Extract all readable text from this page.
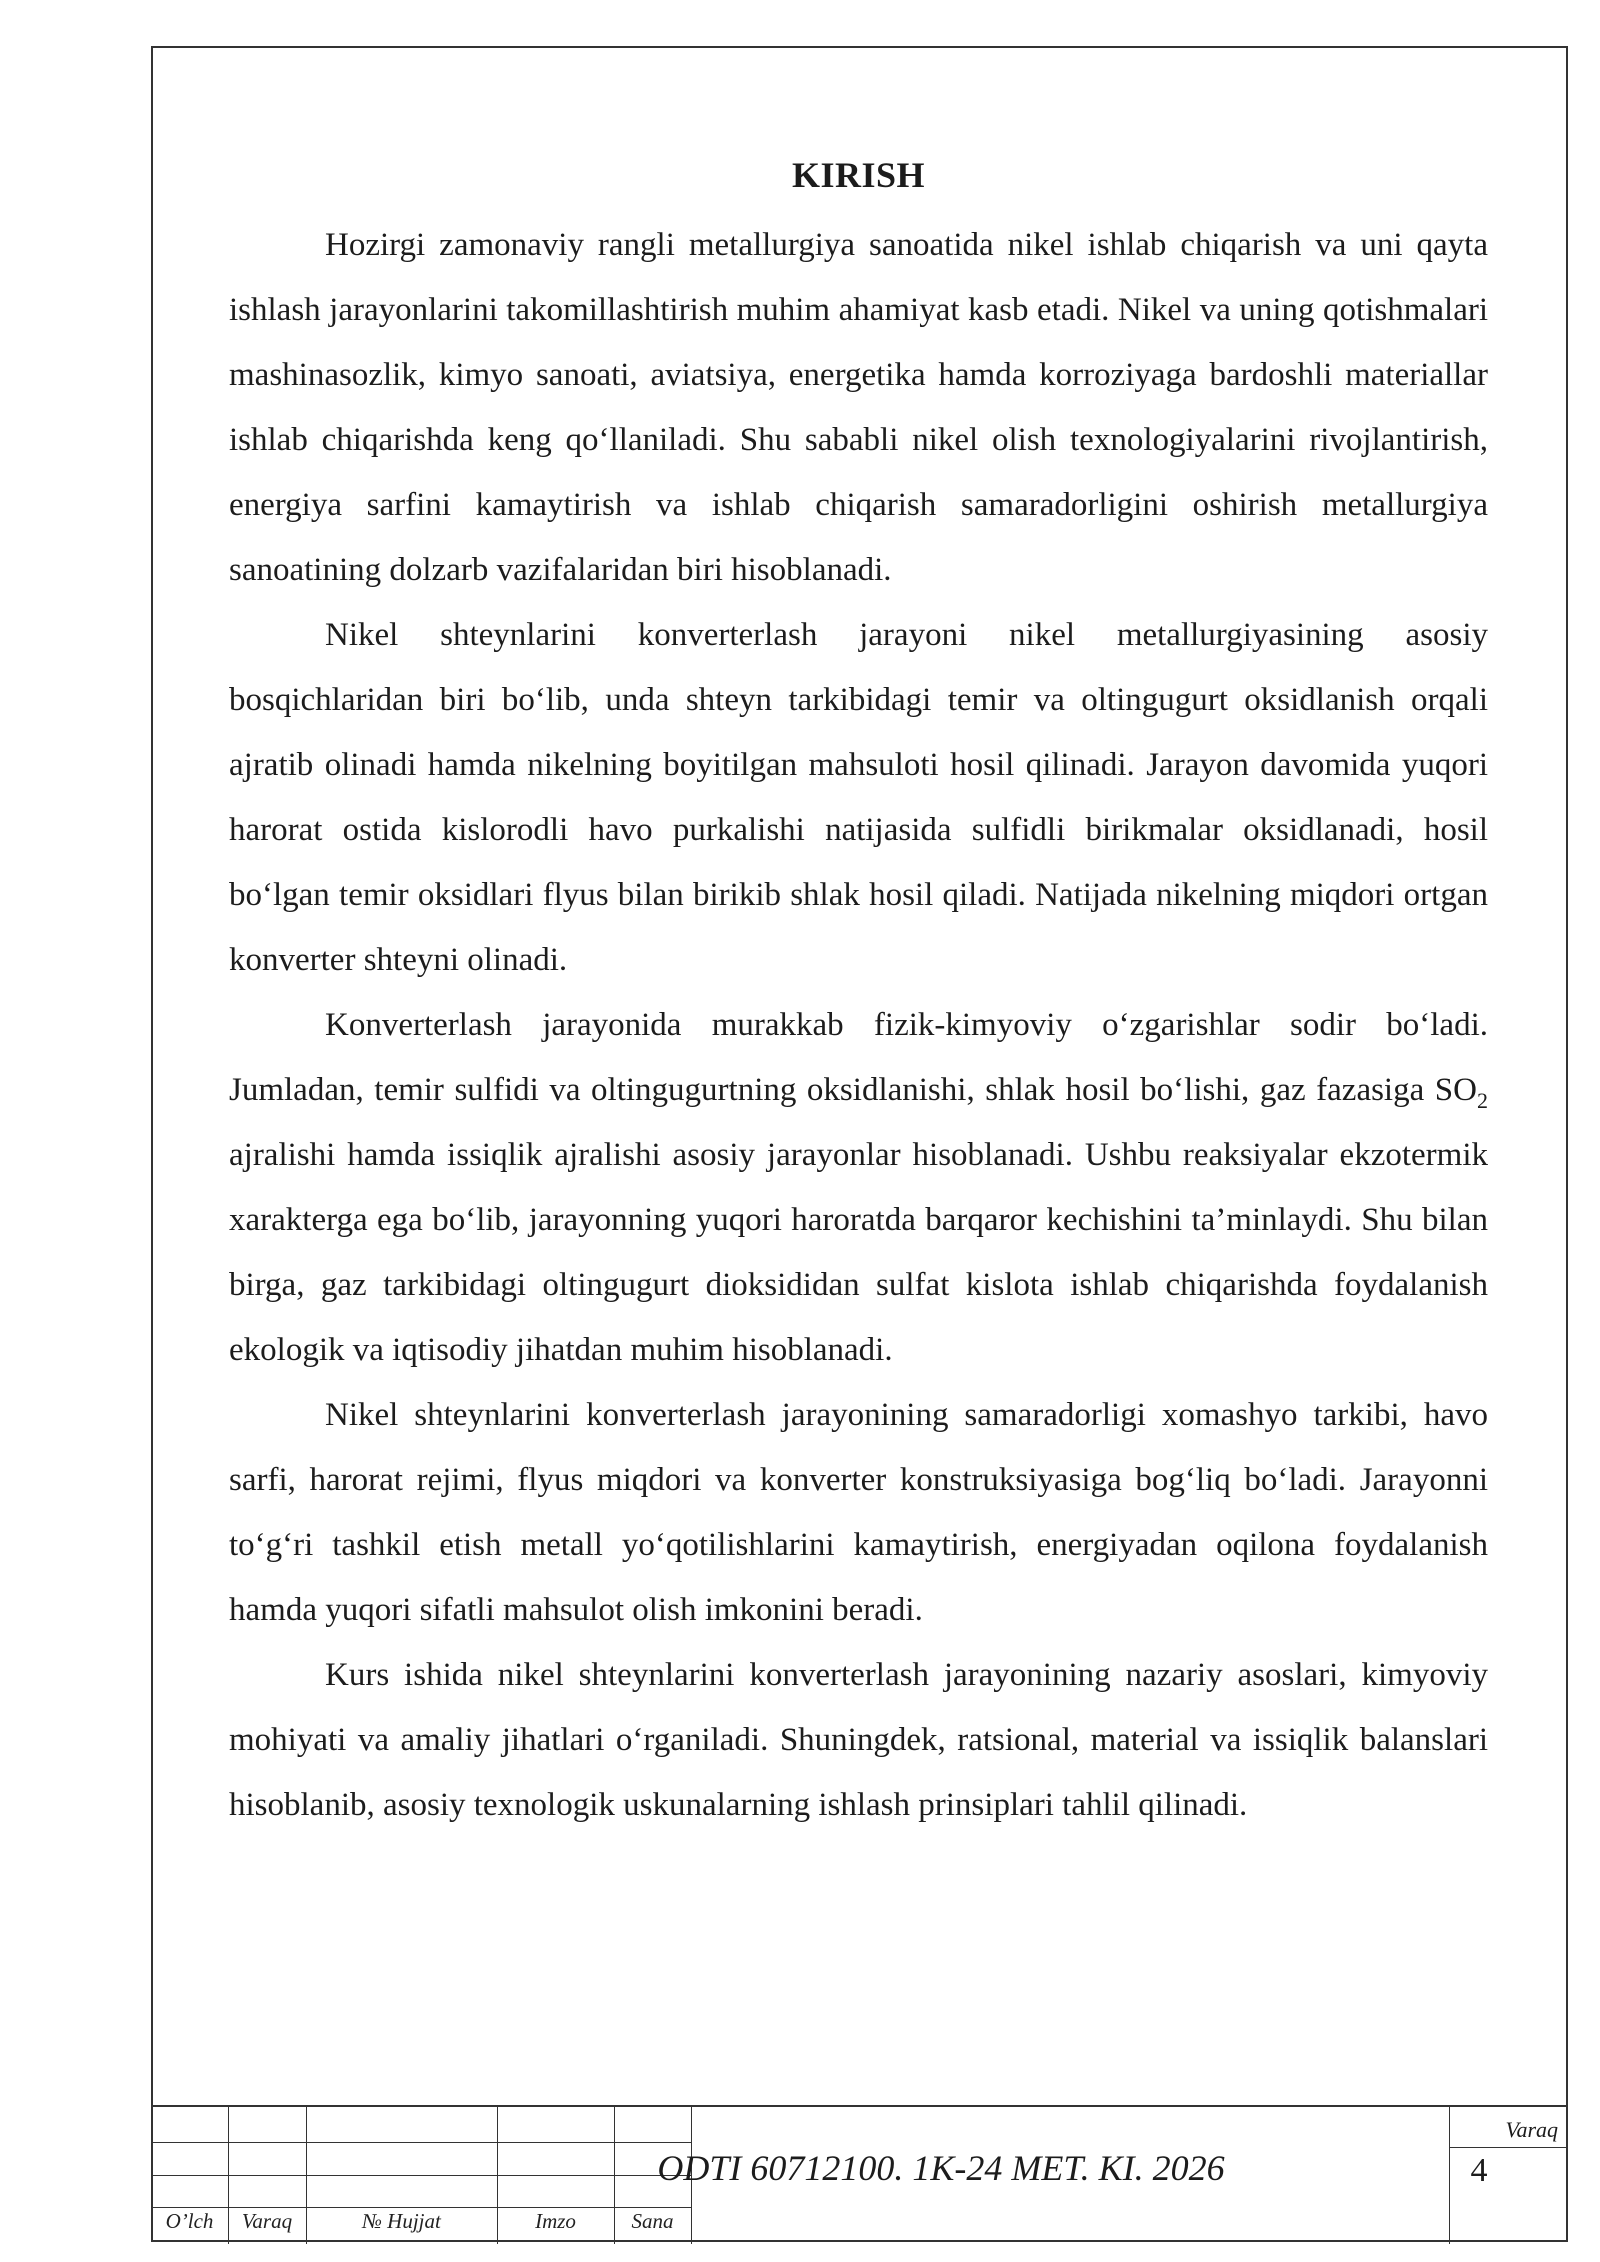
KIRISH

Hozirgi zamonaviy rangli metallurgiya sanoatida nikel ishlab chiqarish va uni qayta ishlash jarayonlarini takomillashtirish muhim ahamiyat kasb etadi. Nikel va uning qotishmalari mashinasozlik, kimyo sanoati, aviatsiya, energetika hamda korroziyaga bardoshli materiallar ishlab chiqarishda keng qo‘llaniladi. Shu sababli nikel olish texnologiyalarini rivojlantirish, energiya sarfini kamaytirish va ishlab chiqarish samaradorligini oshirish metallurgiya sanoatining dolzarb vazifalaridan biri hisoblanadi.

Nikel shteynlarini konverterlash jarayoni nikel metallurgiyasining asosiy bosqichlaridan biri bo‘lib, unda shteyn tarkibidagi temir va oltingugurt oksidlanish orqali ajratib olinadi hamda nikelning boyitilgan mahsuloti hosil qilinadi. Jarayon davomida yuqori harorat ostida kislorodli havo purkalishi natijasida sulfidli birikmalar oksidlanadi, hosil bo‘lgan temir oksidlari flyus bilan birikib shlak hosil qiladi. Natijada nikelning miqdori ortgan konverter shteyni olinadi.

Konverterlash jarayonida murakkab fizik-kimyoviy o‘zgarishlar sodir bo‘ladi. Jumladan, temir sulfidi va oltingugurtning oksidlanishi, shlak hosil bo‘lishi, gaz fazasiga $SO_2$ ajralishi hamda issiqlik ajralishi asosiy jarayonlar hisoblanadi. Ushbu reaksiyalar ekzotermik xarakterga ega bo‘lib, jarayonning yuqori haroratda barqaror kechishini ta’minlaydi. Shu bilan birga, gaz tarkibidagi oltingugurt dioksididan sulfat kislota ishlab chiqarishda foydalanish ekologik va iqtisodiy jihatdan muhim hisoblanadi.

Nikel shteynlarini konverterlash jarayonining samaradorligi xomashyo tarkibi, havo sarfi, harorat rejimi, flyus miqdori va konverter konstruksiyasiga bog‘liq bo‘ladi. Jarayonni to‘g‘ri tashkil etish metall yo‘qotilishlarini kamaytirish, energiyadan oqilona foydalanish hamda yuqori sifatli mahsulot olish imkonini beradi.

Kurs ishida nikel shteynlarini konverterlash jarayonining nazariy asoslari, kimyoviy mohiyati va amaliy jihatlari o‘rganiladi. Shuningdek, ratsional, material va issiqlik balanslari hisoblanib, asosiy texnologik uskunalarning ishlash prinsiplari tahlil qilinadi.

O’lch	Varaq	№ Hujjat	Imzo	Sana
ODTI 60712100. 1K-24 MET. KI. 2026
Varaq
4
